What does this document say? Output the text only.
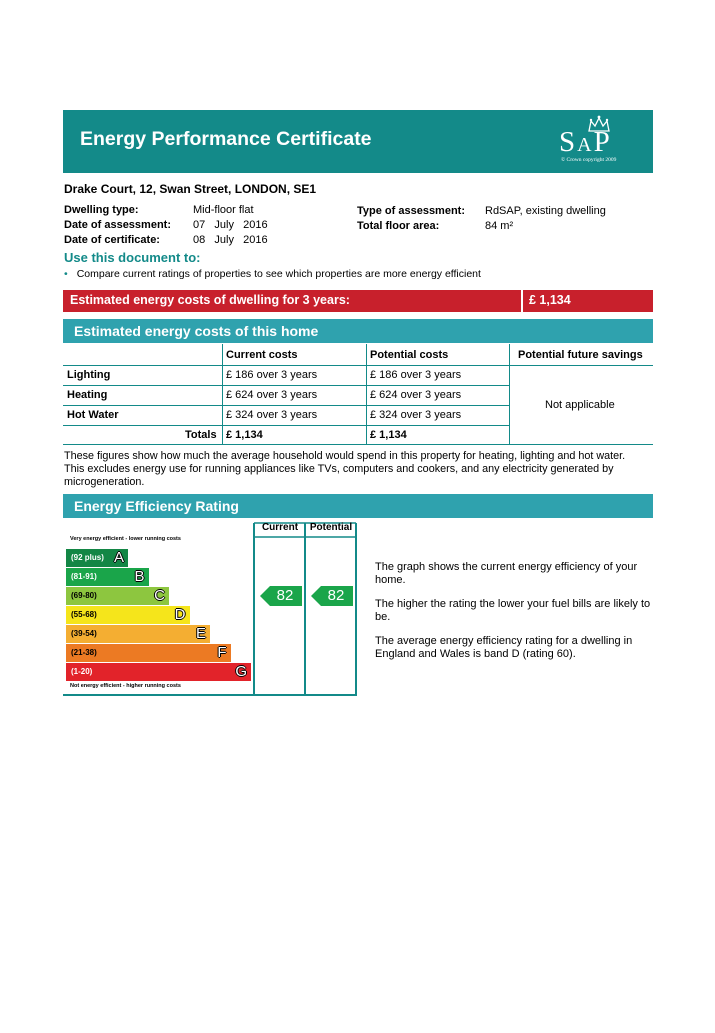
Energy Performance Certificate	SAP
© Crown copyright 2009
Drake Court, 12, Swan Street, LONDON, SE1
Dwelling type:	Mid-floor flat
Date of assessment: 07   July   2016
Date of certificate:	08   July   2016
Type of assessment: RdSAP, existing dwelling
Total floor area:	84 m²
Use this document to:
• Compare current ratings of properties to see which properties are more energy efficient
Estimated energy costs of dwelling for 3 years:	£ 1,134
Estimated energy costs of this home
Current costs	Potential costs	Potential future savings
Lighting	£ 186 over 3 years	£ 186 over 3 years
Heating	£ 624 over 3 years	£ 624 over 3 years
Hot Water	£ 324 over 3 years	£ 324 over 3 years
Totals £ 1,134	£ 1,134
Not applicable
These figures show how much the average household would spend in this property for heating, lighting and hot water. This excludes energy use for running appliances like TVs, computers and cookers, and any electricity generated by microgeneration.
Energy Efficiency Rating
Current	Potential
Very energy efficient - lower running costs
(92 plus) A
(81-91)	B
(69-80)	C
(55-68)	D
(39-54)	E
(21-38)	F
(1-20)	G
Not energy efficient - higher running costs
82	82
The graph shows the current energy efficiency of your home.
The higher the rating the lower your fuel bills are likely to be.
The average energy efficiency rating for a dwelling in England and Wales is band D (rating 60).
